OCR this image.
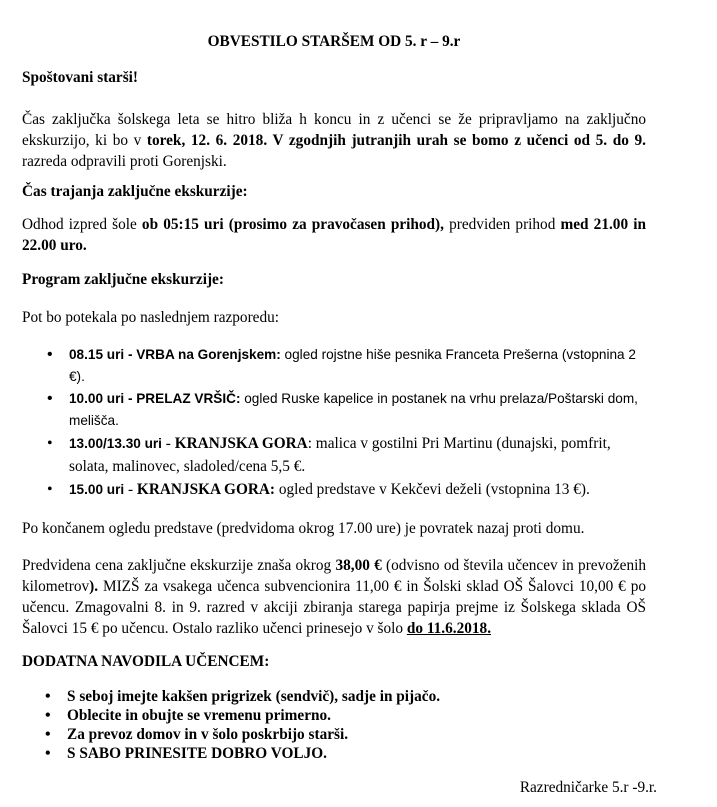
OBVESTILO STARŠEM OD 5. r – 9.r

Spoštovani starši!

Čas zaključka šolskega leta se hitro bliža h koncu in z učenci se že pripravljamo na zaključno ekskurzijo, ki bo v torek, 12. 6. 2018. V zgodnjih jutranjih urah se bomo z učenci od 5. do 9. razreda odpravili proti Gorenjski.

Čas trajanja zaključne ekskurzije:

Odhod izpred šole ob 05:15 uri (prosimo za pravočasen prihod), predviden prihod med 21.00 in 22.00 uro.

Program zaključne ekskurzije:

Pot bo potekala po naslednjem razporedu:

• 08.15 uri - VRBA na Gorenjskem: ogled rojstne hiše pesnika Franceta Prešerna (vstopnina 2 €).
• 10.00 uri - PRELAZ VRŠIČ: ogled Ruske kapelice in postanek na vrhu prelaza/Poštarski dom, melišča.
• 13.00/13.30 uri - KRANJSKA GORA: malica v gostilni Pri Martinu (dunajski, pomfrit, solata, malinovec, sladoled/cena 5,5 €.
• 15.00 uri - KRANJSKA GORA: ogled predstave v Kekčevi deželi (vstopnina 13 €).

Po končanem ogledu predstave (predvidoma okrog 17.00 ure) je povratek nazaj proti domu.

Predvidena cena zaključne ekskurzije znaša okrog 38,00 € (odvisno od števila učencev in prevoženih kilometrov). MIZŠ za vsakega učenca subvencionira 11,00 € in Šolski sklad OŠ Šalovci 10,00 € po učencu. Zmagovalni 8. in 9. razred v akciji zbiranja starega papirja prejme iz Šolskega sklada OŠ Šalovci 15 € po učencu. Ostalo razliko učenci prinesejo v šolo do 11.6.2018.

DODATNA NAVODILA UČENCEM:

• S seboj imejte kakšen prigrizek (sendvič), sadje in pijačo.
• Oblecite in obujte se vremenu primerno.
• Za prevoz domov in v šolo poskrbijo starši.
• S SABO PRINESITE DOBRO VOLJO.
Razredničarke 5.r -9.r.
